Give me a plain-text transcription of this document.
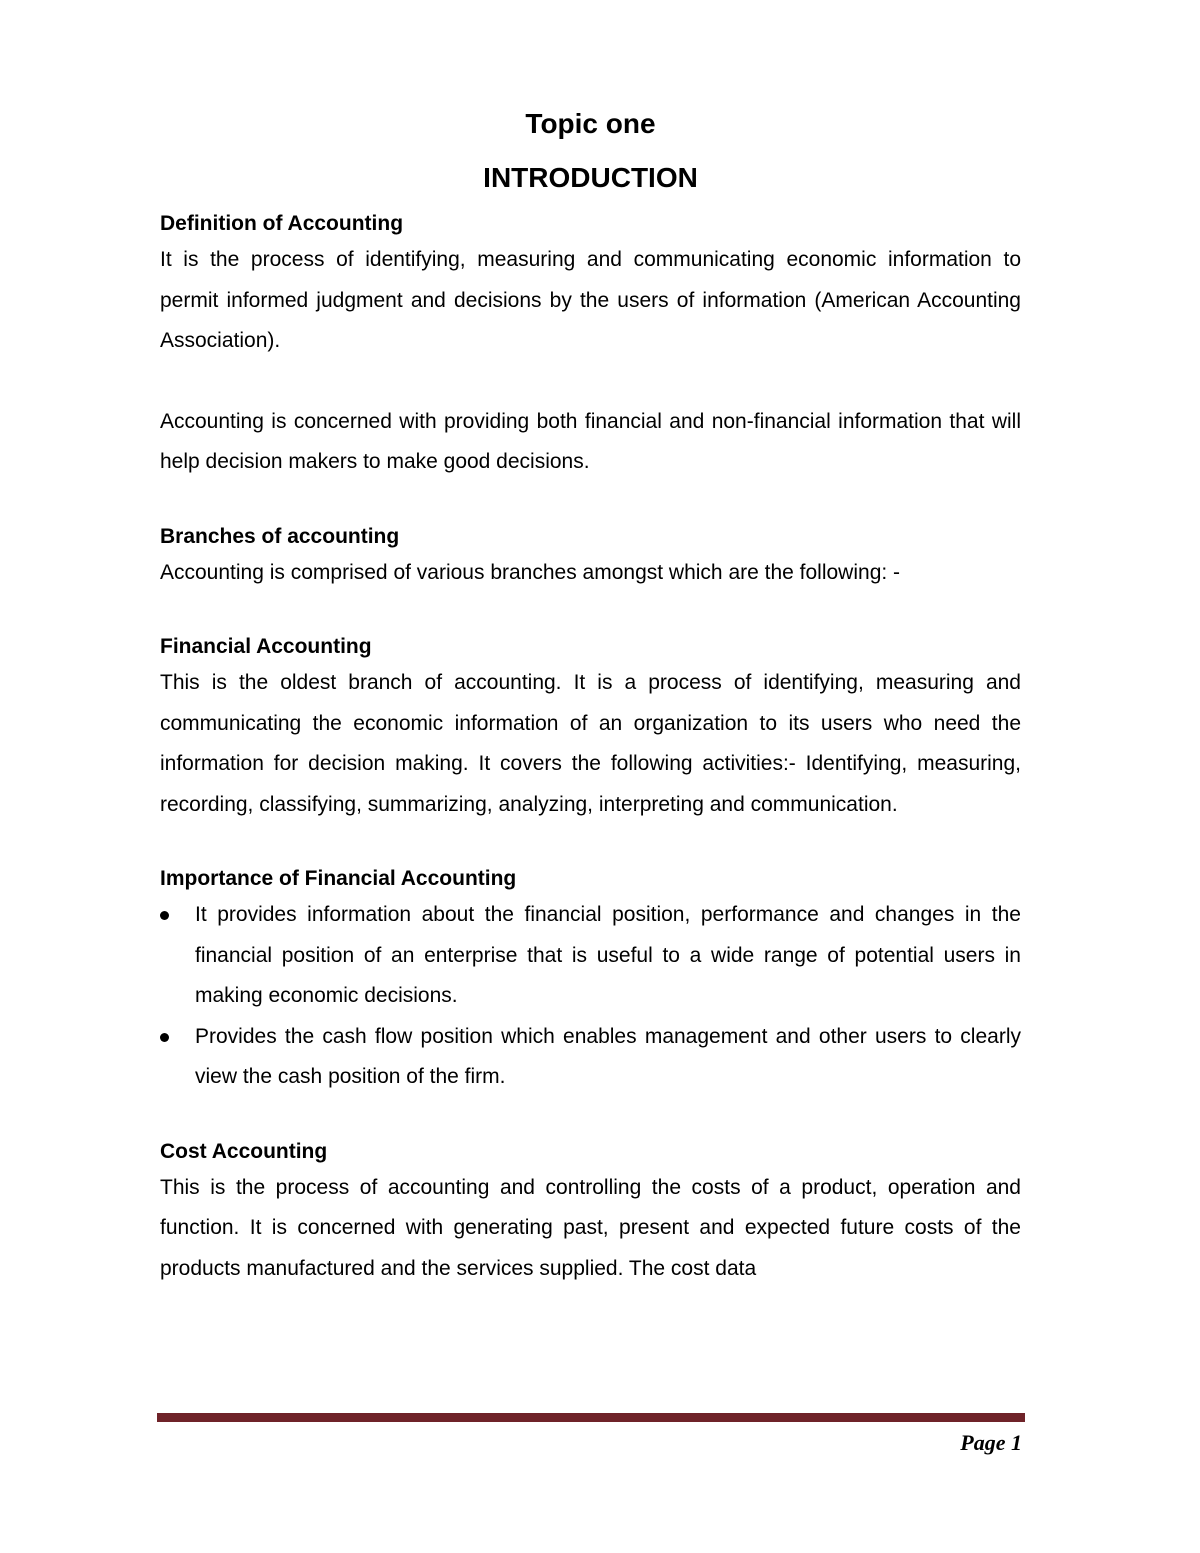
Topic one
INTRODUCTION
Definition of Accounting

It is the process of identifying, measuring and communicating economic information to permit informed judgment and decisions by the users of information (American Accounting Association).

Accounting is concerned with providing both financial and non-financial information that will help decision makers to make good decisions.

Branches of accounting

Accounting is comprised of various branches amongst which are the following: -

Financial Accounting

This is the oldest branch of accounting. It is a process of identifying, measuring and communicating the economic information of an organization to its users who need the information for decision making. It covers the following activities:- Identifying, measuring, recording, classifying, summarizing, analyzing, interpreting and communication.

Importance of Financial Accounting
It provides information about the financial position, performance and changes in the financial position of an enterprise that is useful to a wide range of potential users in making economic decisions.
Provides the cash flow position which enables management and other users to clearly view the cash position of the firm.
Cost Accounting

This is the process of accounting and controlling the costs of a product, operation and function. It is concerned with generating past, present and expected future costs of the products manufactured and the services supplied. The cost data

Page 1
